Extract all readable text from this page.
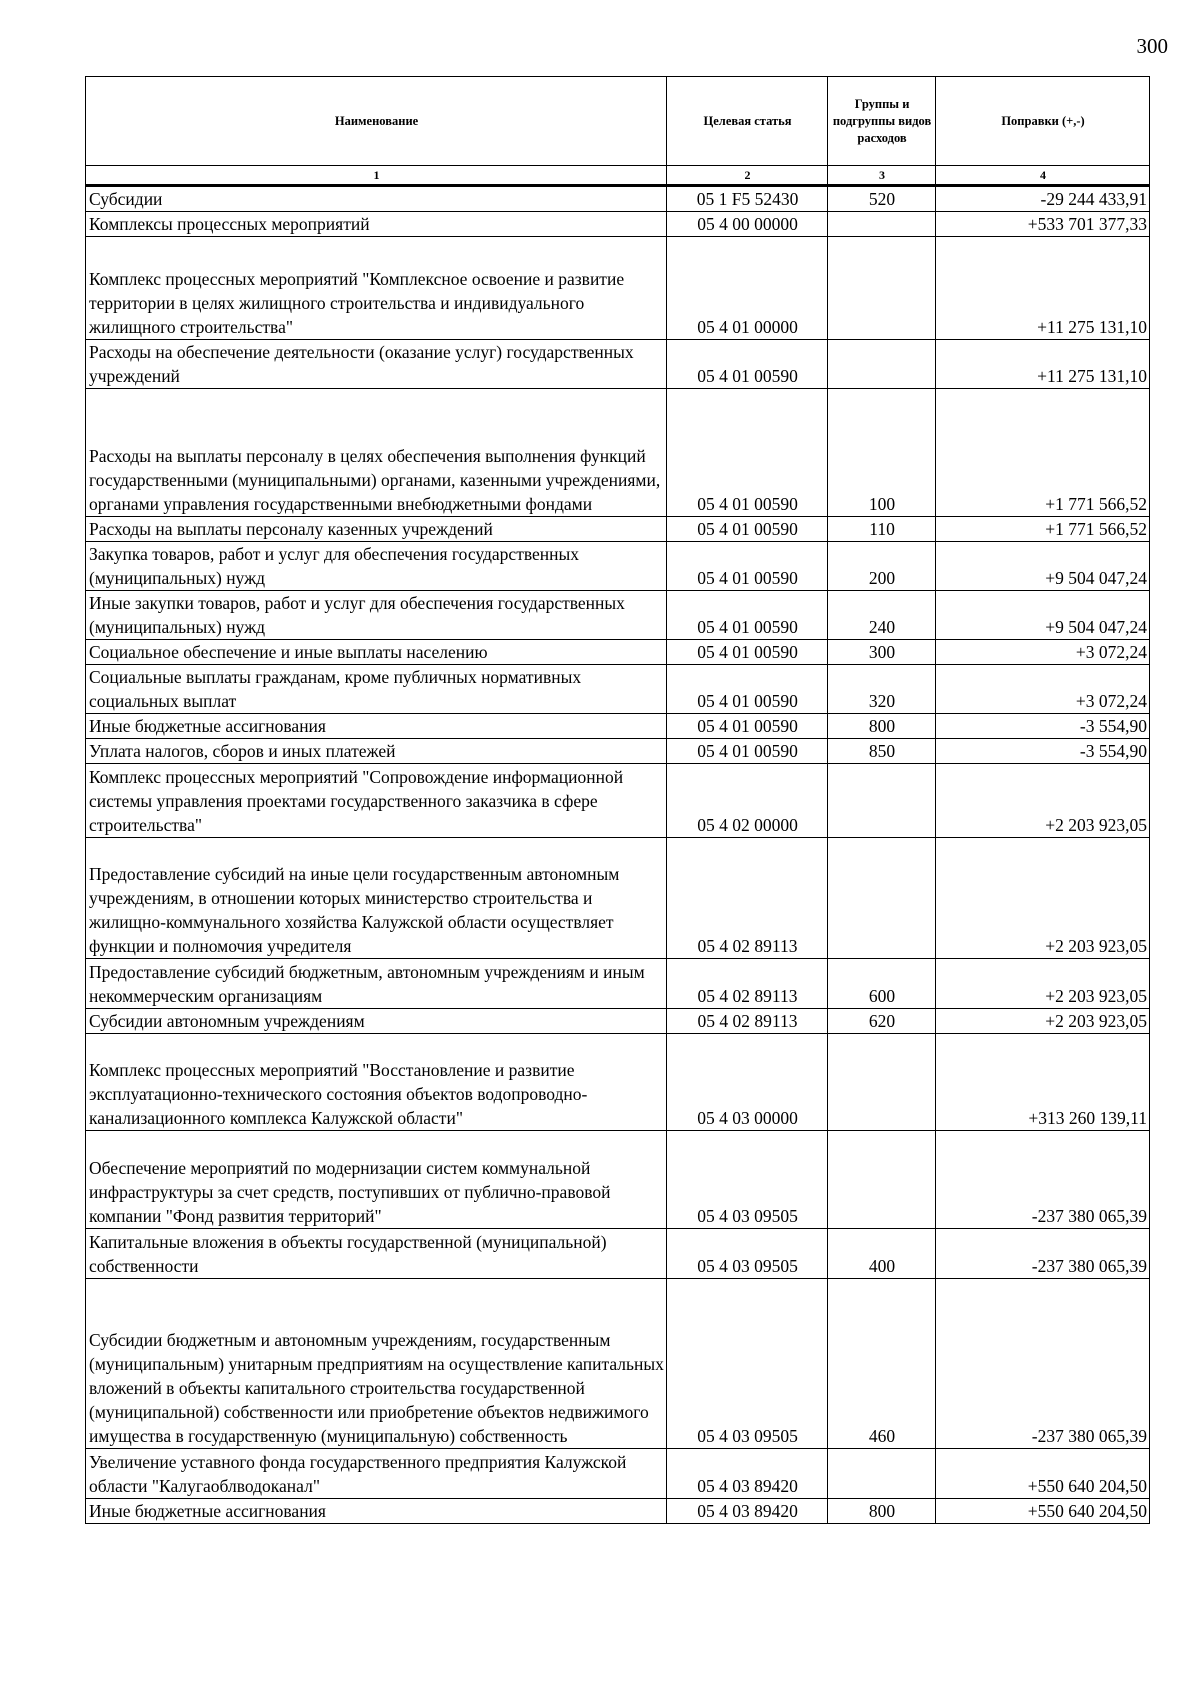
300
Наименование	Целевая статья	Группы и подгруппы видов расходов	Поправки (+,-)
1	2	3	4
Субсидии	05 1 F5 52430	520	-29 244 433,91
Комплексы процессных мероприятий	05 4 00 00000		+533 701 377,33
Комплекс процессных мероприятий "Комплексное освоение и развитие территории в целях жилищного строительства и индивидуального жилищного строительства"	05 4 01 00000		+11 275 131,10
Расходы на обеспечение деятельности (оказание услуг) государственных учреждений	05 4 01 00590		+11 275 131,10
Расходы на выплаты персоналу в целях обеспечения выполнения функций государственными (муниципальными) органами, казенными учреждениями, органами управления государственными внебюджетными фондами	05 4 01 00590	100	+1 771 566,52
Расходы на выплаты персоналу казенных учреждений	05 4 01 00590	110	+1 771 566,52
Закупка товаров, работ и услуг для обеспечения государственных (муниципальных) нужд	05 4 01 00590	200	+9 504 047,24
Иные закупки товаров, работ и услуг для обеспечения государственных (муниципальных) нужд	05 4 01 00590	240	+9 504 047,24
Социальное обеспечение и иные выплаты населению	05 4 01 00590	300	+3 072,24
Социальные выплаты гражданам, кроме публичных нормативных социальных выплат	05 4 01 00590	320	+3 072,24
Иные бюджетные ассигнования	05 4 01 00590	800	-3 554,90
Уплата налогов, сборов и иных платежей	05 4 01 00590	850	-3 554,90
Комплекс процессных мероприятий "Сопровождение информационной системы управления проектами государственного заказчика в сфере строительства"	05 4 02 00000		+2 203 923,05
Предоставление субсидий на иные цели государственным автономным учреждениям, в отношении которых министерство строительства и жилищно-коммунального хозяйства Калужской области осуществляет функции и полномочия учредителя	05 4 02 89113		+2 203 923,05
Предоставление субсидий бюджетным, автономным учреждениям и иным некоммерческим организациям	05 4 02 89113	600	+2 203 923,05
Субсидии автономным учреждениям	05 4 02 89113	620	+2 203 923,05
Комплекс процессных мероприятий "Восстановление и развитие эксплуатационно-технического состояния объектов водопроводно-канализационного комплекса Калужской области"	05 4 03 00000		+313 260 139,11
Обеспечение мероприятий по модернизации систем коммунальной инфраструктуры за счет средств, поступивших от публично-правовой компании "Фонд развития территорий"	05 4 03 09505		-237 380 065,39
Капитальные вложения в объекты государственной (муниципальной) собственности	05 4 03 09505	400	-237 380 065,39
Субсидии бюджетным и автономным учреждениям, государственным (муниципальным) унитарным предприятиям на осуществление капитальных вложений в объекты капитального строительства государственной (муниципальной) собственности или приобретение объектов недвижимого имущества в государственную (муниципальную) собственность	05 4 03 09505	460	-237 380 065,39
Увеличение уставного фонда государственного предприятия Калужской области "Калугаоблводоканал"	05 4 03 89420		+550 640 204,50
Иные бюджетные ассигнования	05 4 03 89420	800	+550 640 204,50
